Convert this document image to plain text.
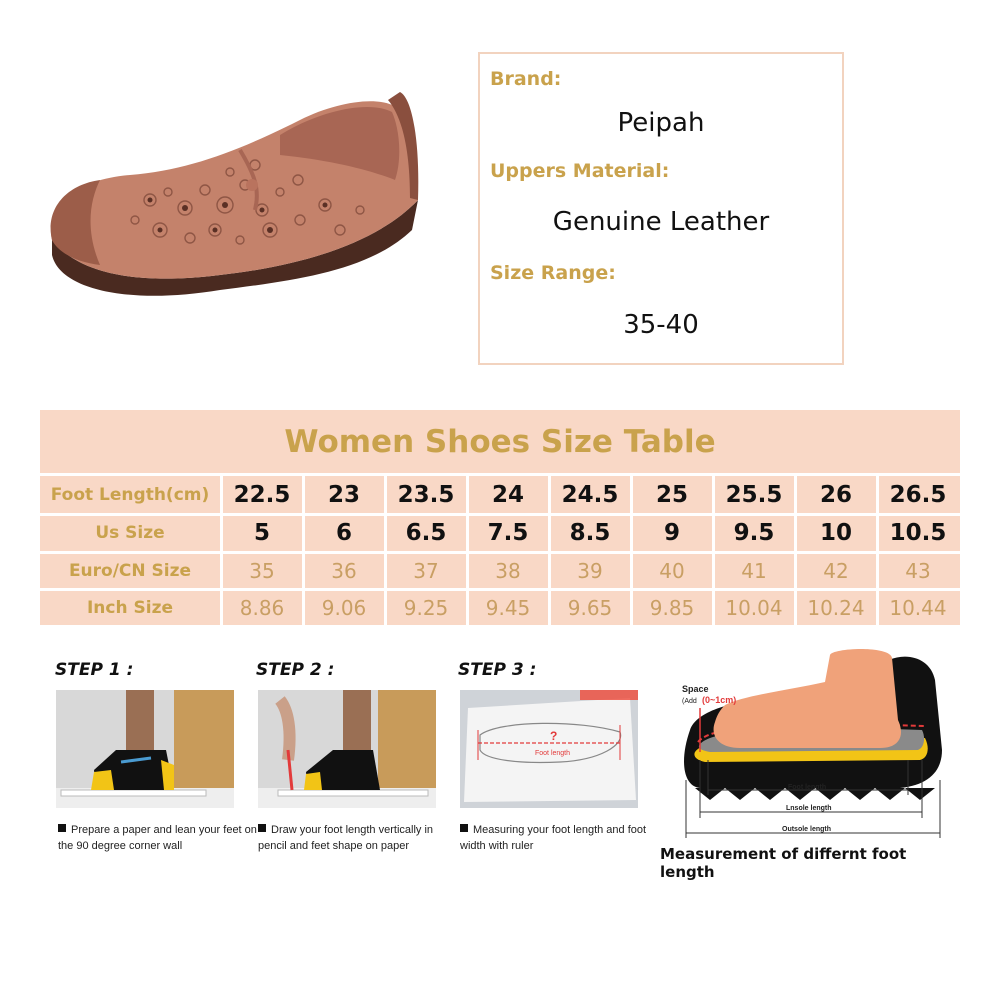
Brand:
Peipah
Uppers Material:
Genuine Leather
Size Range:
35-40
Women Shoes Size Table
Foot Length(cm)	22.5	23	23.5	24	24.5	25	25.5	26	26.5
Us Size	5	6	6.5	7.5	8.5	9	9.5	10	10.5
Euro/CN Size	35	36	37	38	39	40	41	42	43
Inch Size	8.86	9.06	9.25	9.45	9.65	9.85	10.04	10.24	10.44
STEP 1 :
Prepare a paper and lean your feet on the 90 degree corner wall
STEP 2 :
Draw your foot length vertically in pencil and feet shape on paper
STEP 3 :
?
Foot length
Measuring your foot length and foot width with ruler
Space
(Add (0~1cm)
Foot length
Lnsole length
Outsole length
Measurement of differnt foot length
